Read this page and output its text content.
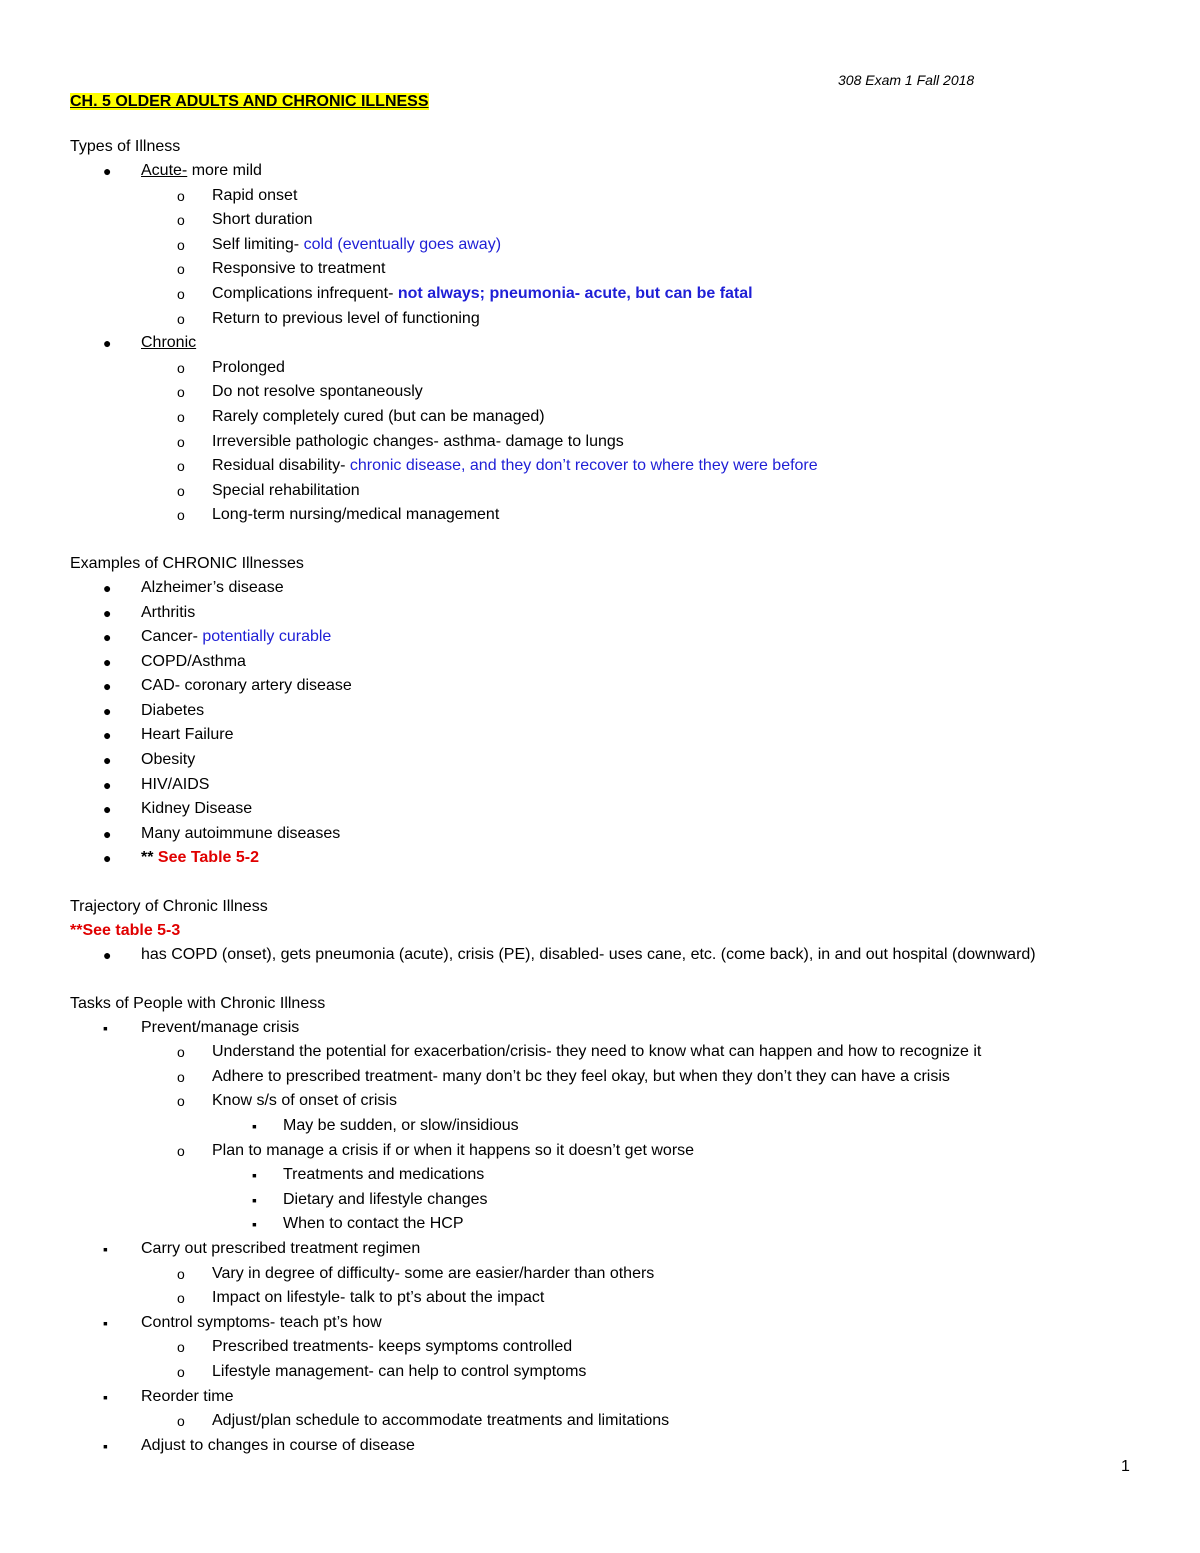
308 Exam 1 Fall 2018
CH. 5 OLDER ADULTS AND CHRONIC ILLNESS
Types of Illness
● Acute- more mild
o Rapid onset
o Short duration
o Self limiting- cold (eventually goes away)
o Responsive to treatment
o Complications infrequent- not always; pneumonia- acute, but can be fatal
o Return to previous level of functioning
● Chronic
o Prolonged
o Do not resolve spontaneously
o Rarely completely cured (but can be managed)
o Irreversible pathologic changes- asthma- damage to lungs
o Residual disability- chronic disease, and they don’t recover to where they were before
o Special rehabilitation
o Long-term nursing/medical management
Examples of CHRONIC Illnesses
● Alzheimer’s disease
● Arthritis
● Cancer- potentially curable
● COPD/Asthma
● CAD- coronary artery disease
● Diabetes
● Heart Failure
● Obesity
● HIV/AIDS
● Kidney Disease
● Many autoimmune diseases
● ** See Table 5-2
Trajectory of Chronic Illness
**See table 5-3
● has COPD (onset), gets pneumonia (acute), crisis (PE), disabled- uses cane, etc. (come back), in and out hospital (downward)
Tasks of People with Chronic Illness
▪ Prevent/manage crisis
o Understand the potential for exacerbation/crisis- they need to know what can happen and how to recognize it
o Adhere to prescribed treatment- many don’t bc they feel okay, but when they don’t they can have a crisis
o Know s/s of onset of crisis
▪ May be sudden, or slow/insidious
o Plan to manage a crisis if or when it happens so it doesn’t get worse
▪ Treatments and medications
▪ Dietary and lifestyle changes
▪ When to contact the HCP
▪ Carry out prescribed treatment regimen
o Vary in degree of difficulty- some are easier/harder than others
o Impact on lifestyle- talk to pt’s about the impact
▪ Control symptoms- teach pt’s how
o Prescribed treatments- keeps symptoms controlled
o Lifestyle management- can help to control symptoms
▪ Reorder time
o Adjust/plan schedule to accommodate treatments and limitations
▪ Adjust to changes in course of disease
1
